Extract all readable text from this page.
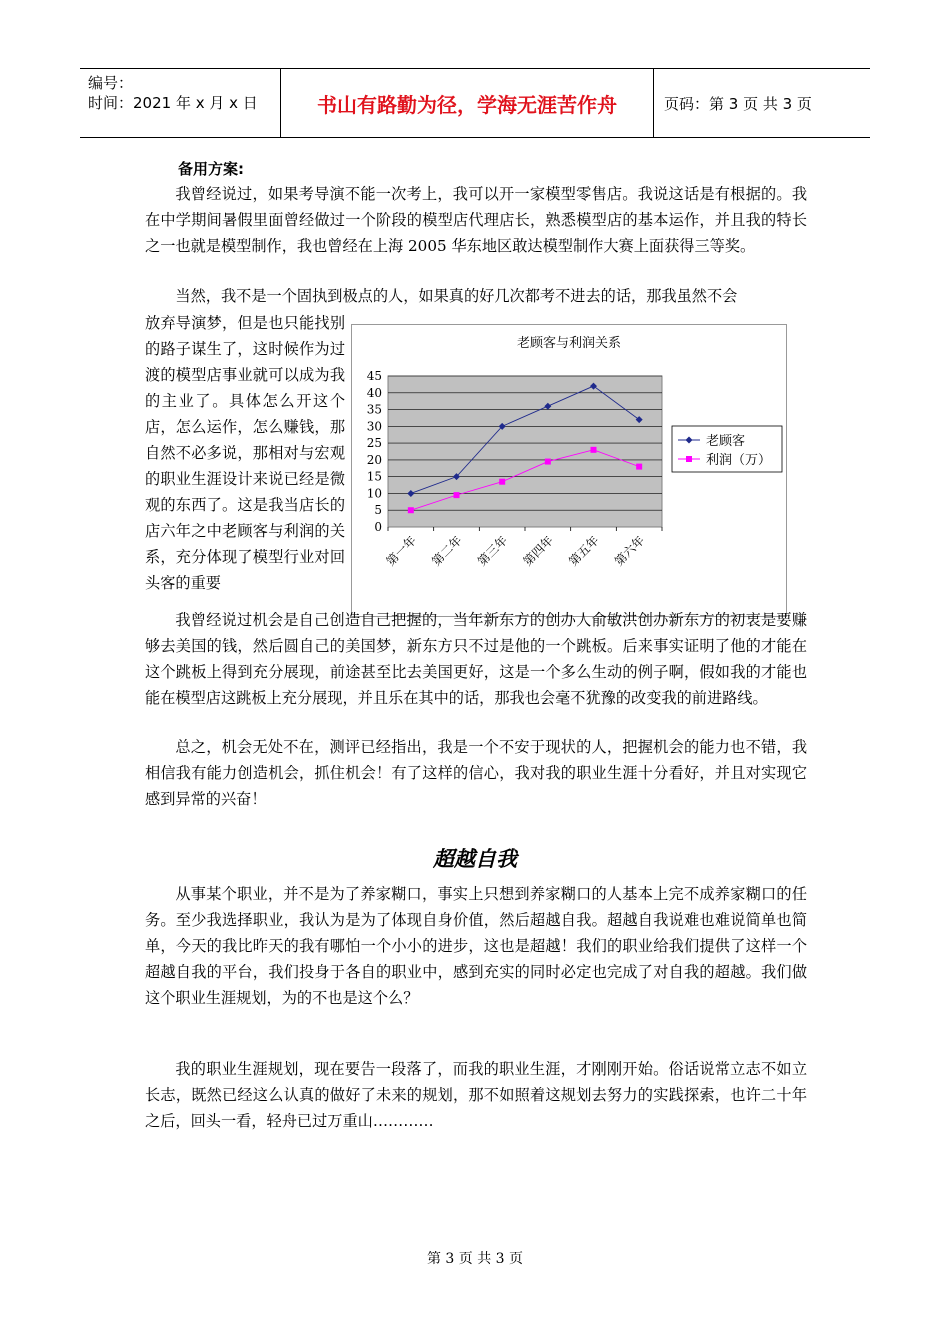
编号：
时间：2021 年 x 月 x 日	书山有路勤为径，学海无涯苦作舟	页码：第 3 页 共 3 页
备用方案:

我曾经说过，如果考导演不能一次考上，我可以开一家模型零售店。我说这话是有根据的。我在中学期间暑假里面曾经做过一个阶段的模型店代理店长，熟悉模型店的基本运作，并且我的特长之一也就是模型制作，我也曾经在上海 2005 华东地区敢达模型制作大赛上面获得三等奖。

当然，我不是一个固执到极点的人，如果真的好几次都考不进去的话，那我虽然不会

放弃导演梦，但是也只能找别的路子谋生了，这时候作为过渡的模型店事业就可以成为我的主业了。具体怎么开这个店，怎么运作，怎么赚钱，那自然不必多说，那相对与宏观的职业生涯设计来说已经是微观的东西了。这是我当店长的店六年之中老顾客与利润的关系，充分体现了模型行业对回头客的重要

老顾客与利润关系
0
5
10
15
20
25
30
35
40
45
第一年 第二年 第三年 第四年 第五年 第六年
老顾客
利润（万）

我曾经说过机会是自己创造自己把握的，当年新东方的创办人俞敏洪创办新东方的初衷是要赚够去美国的钱，然后圆自己的美国梦，新东方只不过是他的一个跳板。后来事实证明了他的才能在这个跳板上得到充分展现，前途甚至比去美国更好，这是一个多么生动的例子啊，假如我的才能也能在模型店这跳板上充分展现，并且乐在其中的话，那我也会毫不犹豫的改变我的前进路线。

总之，机会无处不在，测评已经指出，我是一个不安于现状的人，把握机会的能力也不错，我相信我有能力创造机会，抓住机会！有了这样的信心，我对我的职业生涯十分看好，并且对实现它感到异常的兴奋！

超越自我

从事某个职业，并不是为了养家糊口，事实上只想到养家糊口的人基本上完不成养家糊口的任务。至少我选择职业，我认为是为了体现自身价值，然后超越自我。超越自我说难也难说简单也简单，今天的我比昨天的我有哪怕一个小小的进步，这也是超越！我们的职业给我们提供了这样一个超越自我的平台，我们投身于各自的职业中，感到充实的同时必定也完成了对自我的超越。我们做这个职业生涯规划，为的不也是这个么？

我的职业生涯规划，现在要告一段落了，而我的职业生涯，才刚刚开始。俗话说常立志不如立长志，既然已经这么认真的做好了未来的规划，那不如照着这规划去努力的实践探索，也许二十年之后，回头一看，轻舟已过万重山…………

第 3 页 共 3 页
